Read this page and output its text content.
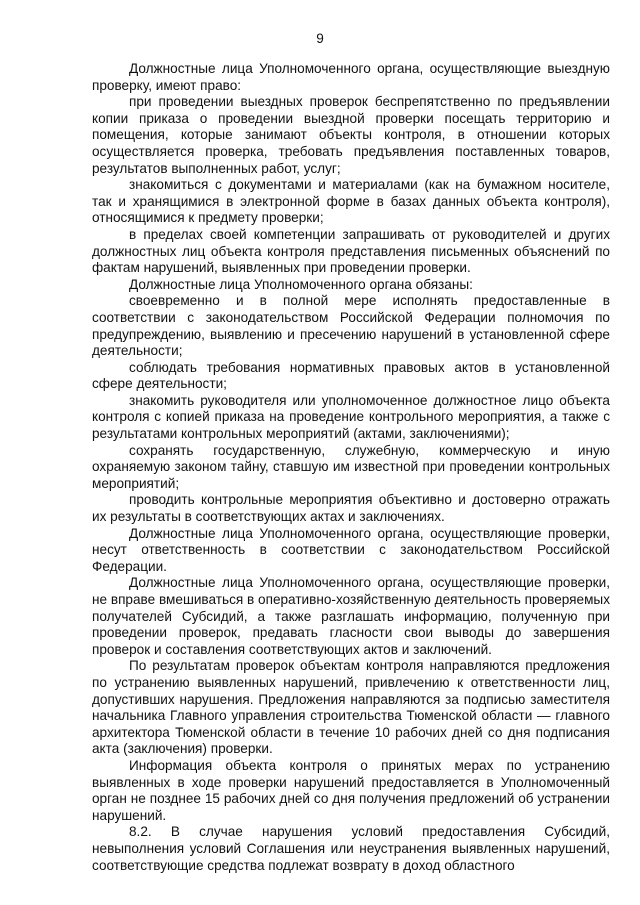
9

Должностные лица Уполномоченного органа, осуществляющие выездную проверку, имеют право:

при проведении выездных проверок беспрепятственно по предъявлении копии приказа о проведении выездной проверки посещать территорию и помещения, которые занимают объекты контроля, в отношении которых осуществляется проверка, требовать предъявления поставленных товаров, результатов выполненных работ, услуг;

знакомиться с документами и материалами (как на бумажном носителе, так и хранящимися в электронной форме в базах данных объекта контроля), относящимися к предмету проверки;

в пределах своей компетенции запрашивать от руководителей и других должностных лиц объекта контроля представления письменных объяснений по фактам нарушений, выявленных при проведении проверки.

Должностные лица Уполномоченного органа обязаны:

своевременно и в полной мере исполнять предоставленные в соответствии с законодательством Российской Федерации полномочия по предупреждению, выявлению и пресечению нарушений в установленной сфере деятельности;

соблюдать требования нормативных правовых актов в установленной сфере деятельности;

знакомить руководителя или уполномоченное должностное лицо объекта контроля с копией приказа на проведение контрольного мероприятия, а также с результатами контрольных мероприятий (актами, заключениями);

сохранять государственную, служебную, коммерческую и иную охраняемую законом тайну, ставшую им известной при проведении контрольных мероприятий;

проводить контрольные мероприятия объективно и достоверно отражать их результаты в соответствующих актах и заключениях.

Должностные лица Уполномоченного органа, осуществляющие проверки, несут ответственность в соответствии с законодательством Российской Федерации.

Должностные лица Уполномоченного органа, осуществляющие проверки, не вправе вмешиваться в оперативно-хозяйственную деятельность проверяемых получателей Субсидий, а также разглашать информацию, полученную при проведении проверок, предавать гласности свои выводы до завершения проверок и составления соответствующих актов и заключений.

По результатам проверок объектам контроля направляются предложения по устранению выявленных нарушений, привлечению к ответственности лиц, допустивших нарушения. Предложения направляются за подписью заместителя начальника Главного управления строительства Тюменской области — главного архитектора Тюменской области в течение 10 рабочих дней со дня подписания акта (заключения) проверки.

Информация объекта контроля о принятых мерах по устранению выявленных в ходе проверки нарушений предоставляется в Уполномоченный орган не позднее 15 рабочих дней со дня получения предложений об устранении нарушений.

8.2. В случае нарушения условий предоставления Субсидий, невыполнения условий Соглашения или неустранения выявленных нарушений, соответствующие средства подлежат возврату в доход областного
